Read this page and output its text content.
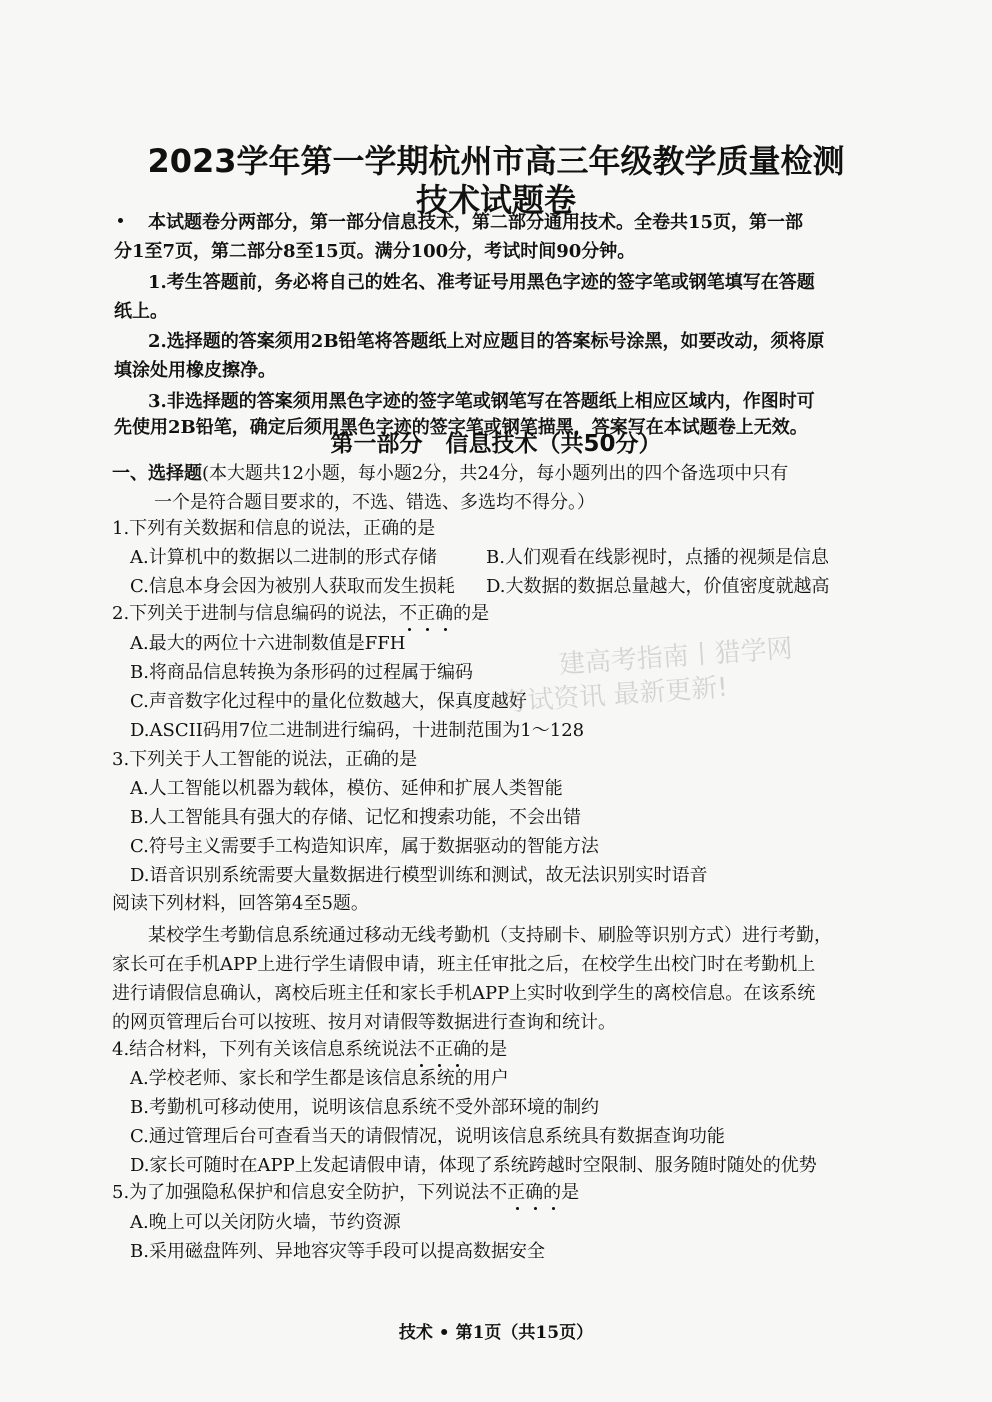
2023学年第一学期杭州市高三年级教学质量检测
技术试题卷
本试题卷分两部分，第一部分信息技术，第二部分通用技术。全卷共15页，第一部
分1至7页，第二部分8至15页。满分100分，考试时间90分钟。
1.考生答题前，务必将自己的姓名、准考证号用黑色字迹的签字笔或钢笔填写在答题
纸上。
2.选择题的答案须用2B铅笔将答题纸上对应题目的答案标号涂黑，如要改动，须将原
填涂处用橡皮擦净。
3.非选择题的答案须用黑色字迹的签字笔或钢笔写在答题纸上相应区域内，作图时可
先使用2B铅笔，确定后须用黑色字迹的签字笔或钢笔描黑，答案写在本试题卷上无效。
第一部分　信息技术（共50分）
一、选择题(本大题共12小题，每小题2分，共24分，每小题列出的四个备选项中只有
一个是符合题目要求的，不选、错选、多选均不得分。）
1.下列有关数据和信息的说法，正确的是
A.计算机中的数据以二进制的形式存储	B.人们观看在线影视时，点播的视频是信息
C.信息本身会因为被别人获取而发生损耗 D.大数据的数据总量越大，价值密度就越高
2.下列关于进制与信息编码的说法，不正确的是
A.最大的两位十六进制数值是FFH
B.将商品信息转换为条形码的过程属于编码
C.声音数字化过程中的量化位数越大，保真度越好
D.ASCII码用7位二进制进行编码，十进制范围为1～128
3.下列关于人工智能的说法，正确的是
A.人工智能以机器为载体，模仿、延伸和扩展人类智能
B.人工智能具有强大的存储、记忆和搜索功能，不会出错
C.符号主义需要手工构造知识库，属于数据驱动的智能方法
D.语音识别系统需要大量数据进行模型训练和测试，故无法识别实时语音
阅读下列材料，回答第4至5题。
某校学生考勤信息系统通过移动无线考勤机（支持刷卡、刷脸等识别方式）进行考勤，
家长可在手机APP上进行学生请假申请，班主任审批之后，在校学生出校门时在考勤机上
进行请假信息确认，离校后班主任和家长手机APP上实时收到学生的离校信息。在该系统
的网页管理后台可以按班、按月对请假等数据进行查询和统计。
4.结合材料，下列有关该信息系统说法不正确的是
A.学校老师、家长和学生都是该信息系统的用户
B.考勤机可移动使用，说明该信息系统不受外部环境的制约
C.通过管理后台可查看当天的请假情况，说明该信息系统具有数据查询功能
D.家长可随时在APP上发起请假申请，体现了系统跨越时空限制、服务随时随处的优势
5.为了加强隐私保护和信息安全防护，下列说法不正确的是
A.晚上可以关闭防火墙，节约资源
B.采用磁盘阵列、异地容灾等手段可以提高数据安全
建高考指南丨猎学网
考试资讯 最新更新!
技术 • 第1页（共15页）
